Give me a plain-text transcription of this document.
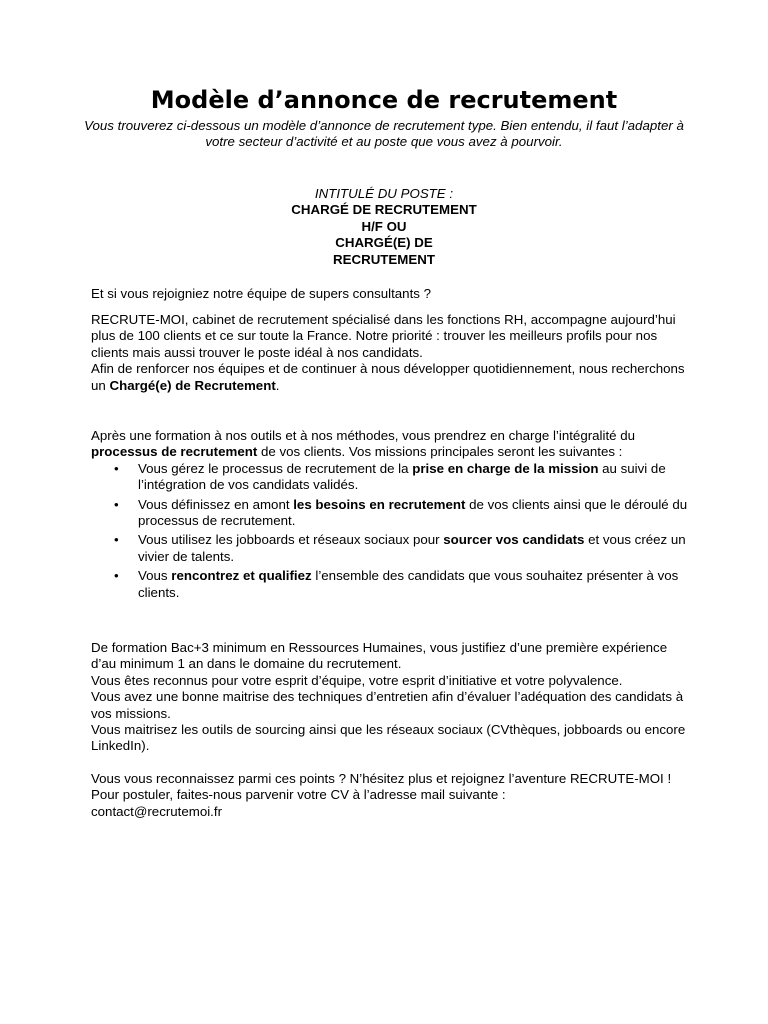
Modèle d’annonce de recrutement
Vous trouverez ci-dessous un modèle d’annonce de recrutement type. Bien entendu, il faut l’adapter à votre secteur d’activité et au poste que vous avez à pourvoir.
INTITULÉ DU POSTE :
CHARGÉ DE RECRUTEMENT
H/F OU
CHARGÉ(E) DE
RECRUTEMENT

Et si vous rejoigniez notre équipe de supers consultants ?

RECRUTE-MOI, cabinet de recrutement spécialisé dans les fonctions RH, accompagne aujourd’hui plus de 100 clients et ce sur toute la France. Notre priorité : trouver les meilleurs profils pour nos clients mais aussi trouver le poste idéal à nos candidats.

Afin de renforcer nos équipes et de continuer à nous développer quotidiennement, nous recherchons un Chargé(e) de Recrutement.

Après une formation à nos outils et à nos méthodes, vous prendrez en charge l’intégralité du processus de recrutement de vos clients. Vos missions principales seront les suivantes :

• Vous gérez le processus de recrutement de la prise en charge de la mission au suivi de l’intégration de vos candidats validés.
• Vous définissez en amont les besoins en recrutement de vos clients ainsi que le déroulé du processus de recrutement.
• Vous utilisez les jobboards et réseaux sociaux pour sourcer vos candidats et vous créez un vivier de talents.
• Vous rencontrez et qualifiez l’ensemble des candidats que vous souhaitez présenter à vos clients.

De formation Bac+3 minimum en Ressources Humaines, vous justifiez d’une première expérience d’au minimum 1 an dans le domaine du recrutement.

Vous êtes reconnus pour votre esprit d’équipe, votre esprit d’initiative et votre polyvalence.

Vous avez une bonne maitrise des techniques d’entretien afin d’évaluer l’adéquation des candidats à vos missions.

Vous maitrisez les outils de sourcing ainsi que les réseaux sociaux (CVthèques, jobboards ou encore LinkedIn).

Vous vous reconnaissez parmi ces points ? N’hésitez plus et rejoignez l’aventure RECRUTE-MOI !

Pour postuler, faites-nous parvenir votre CV à l’adresse mail suivante :

contact@recrutemoi.fr
